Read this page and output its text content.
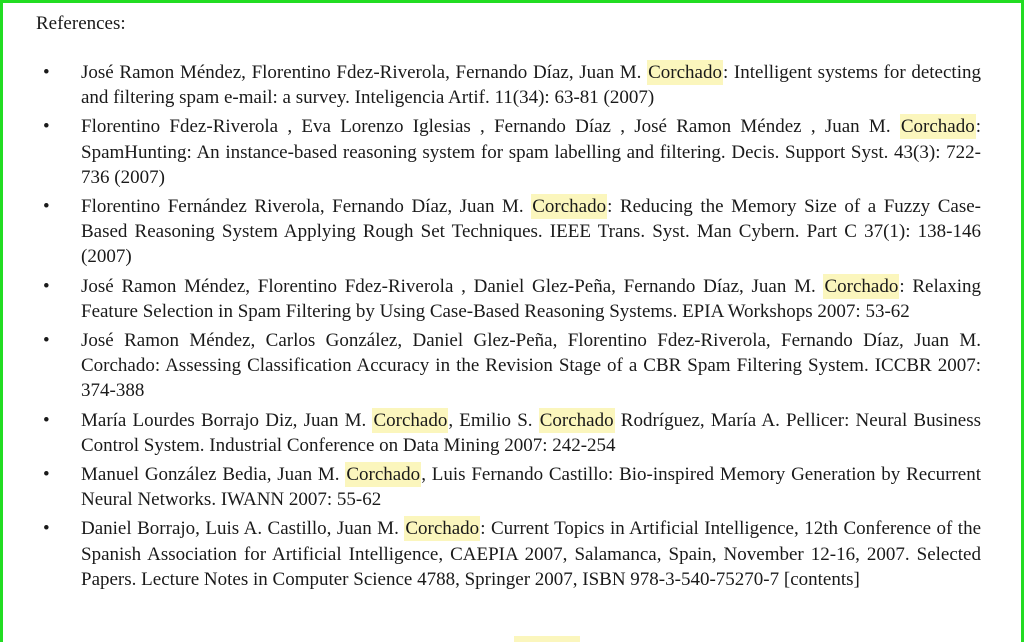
References:
• José Ramon Méndez, Florentino Fdez-Riverola, Fernando Díaz, Juan M. Corchado: Intelligent systems for detecting and filtering spam e-mail: a survey. Inteligencia Artif. 11(34): 63-81 (2007)
• Florentino Fdez-Riverola , Eva Lorenzo Iglesias , Fernando Díaz , José Ramon Méndez , Juan M. Corchado: SpamHunting: An instance-based reasoning system for spam labelling and filtering. Decis. Support Syst. 43(3): 722-736 (2007)
• Florentino Fernández Riverola, Fernando Díaz, Juan M. Corchado: Reducing the Memory Size of a Fuzzy Case-Based Reasoning System Applying Rough Set Techniques. IEEE Trans. Syst. Man Cybern. Part C 37(1): 138-146 (2007)
• José Ramon Méndez, Florentino Fdez-Riverola , Daniel Glez-Peña, Fernando Díaz, Juan M. Corchado: Relaxing Feature Selection in Spam Filtering by Using Case-Based Reasoning Systems. EPIA Workshops 2007: 53-62
• José Ramon Méndez, Carlos González, Daniel Glez-Peña, Florentino Fdez-Riverola, Fernando Díaz, Juan M. Corchado: Assessing Classification Accuracy in the Revision Stage of a CBR Spam Filtering System. ICCBR 2007: 374-388
• María Lourdes Borrajo Diz, Juan M. Corchado, Emilio S. Corchado Rodríguez, María A. Pellicer: Neural Business Control System. Industrial Conference on Data Mining 2007: 242-254
• Manuel González Bedia, Juan M. Corchado, Luis Fernando Castillo: Bio-inspired Memory Generation by Recurrent Neural Networks. IWANN 2007: 55-62
• Daniel Borrajo, Luis A. Castillo, Juan M. Corchado: Current Topics in Artificial Intelligence, 12th Conference of the Spanish Association for Artificial Intelligence, CAEPIA 2007, Salamanca, Spain, November 12-16, 2007. Selected Papers. Lecture Notes in Computer Science 4788, Springer 2007, ISBN 978-3-540-75270-7 [contents]
